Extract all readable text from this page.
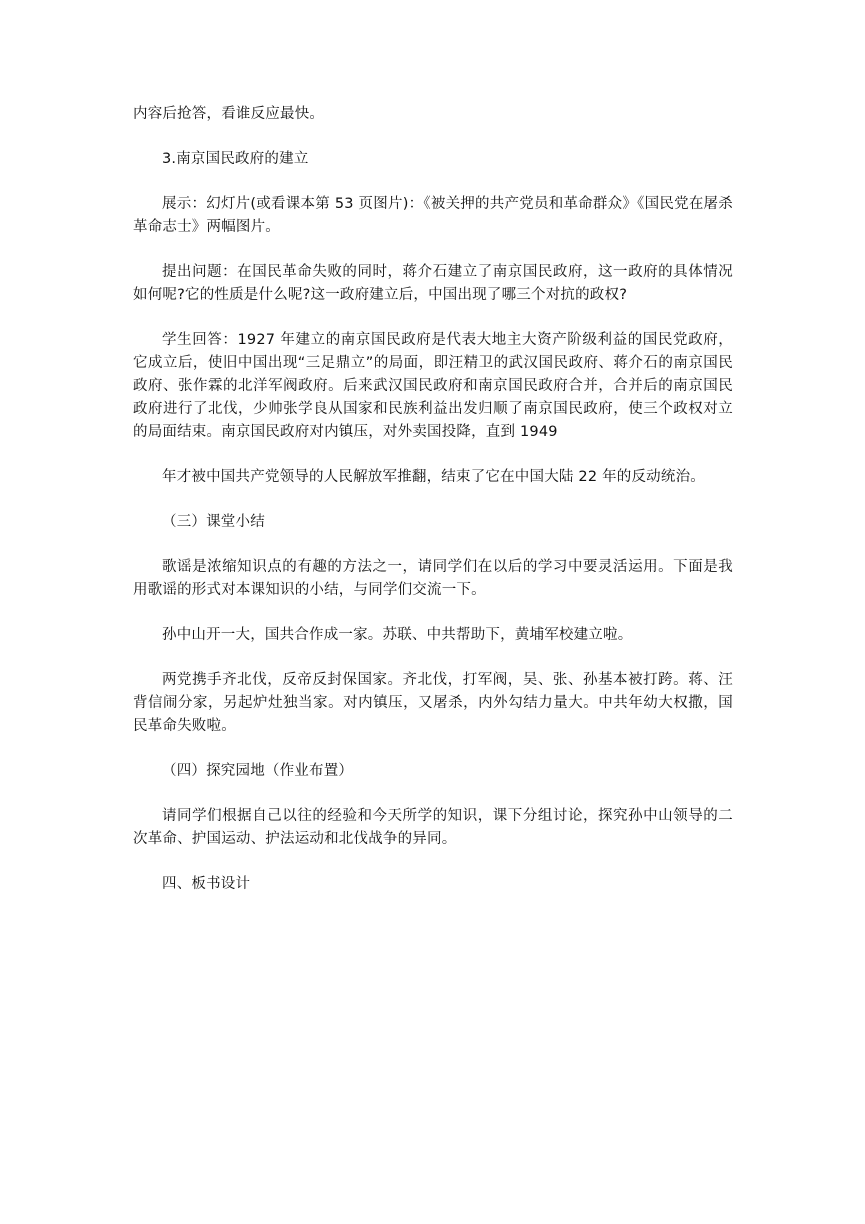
内容后抢答，看谁反应最快。

3.南京国民政府的建立

展示：幻灯片(或看课本第 53 页图片)：《被关押的共产党员和革命群众》《国民党在屠杀革命志士》两幅图片。

提出问题：在国民革命失败的同时，蒋介石建立了南京国民政府，这一政府的具体情况如何呢?它的性质是什么呢?这一政府建立后，中国出现了哪三个对抗的政权?

学生回答：1927 年建立的南京国民政府是代表大地主大资产阶级利益的国民党政府，它成立后，使旧中国出现“三足鼎立”的局面，即汪精卫的武汉国民政府、蒋介石的南京国民政府、张作霖的北洋军阀政府。后来武汉国民政府和南京国民政府合并，合并后的南京国民政府进行了北伐，少帅张学良从国家和民族利益出发归顺了南京国民政府，使三个政权对立的局面结束。南京国民政府对内镇压，对外卖国投降，直到 1949

年才被中国共产党领导的人民解放军推翻，结束了它在中国大陆 22 年的反动统治。

（三）课堂小结

歌谣是浓缩知识点的有趣的方法之一，请同学们在以后的学习中要灵活运用。下面是我用歌谣的形式对本课知识的小结，与同学们交流一下。

孙中山开一大，国共合作成一家。苏联、中共帮助下，黄埔军校建立啦。

两党携手齐北伐，反帝反封保国家。齐北伐，打军阀，吴、张、孙基本被打跨。蒋、汪背信闹分家，另起炉灶独当家。对内镇压，又屠杀，内外勾结力量大。中共年幼大权撒，国民革命失败啦。

（四）探究园地（作业布置）

请同学们根据自己以往的经验和今天所学的知识，课下分组讨论，探究孙中山领导的二次革命、护国运动、护法运动和北伐战争的异同。

四、板书设计
